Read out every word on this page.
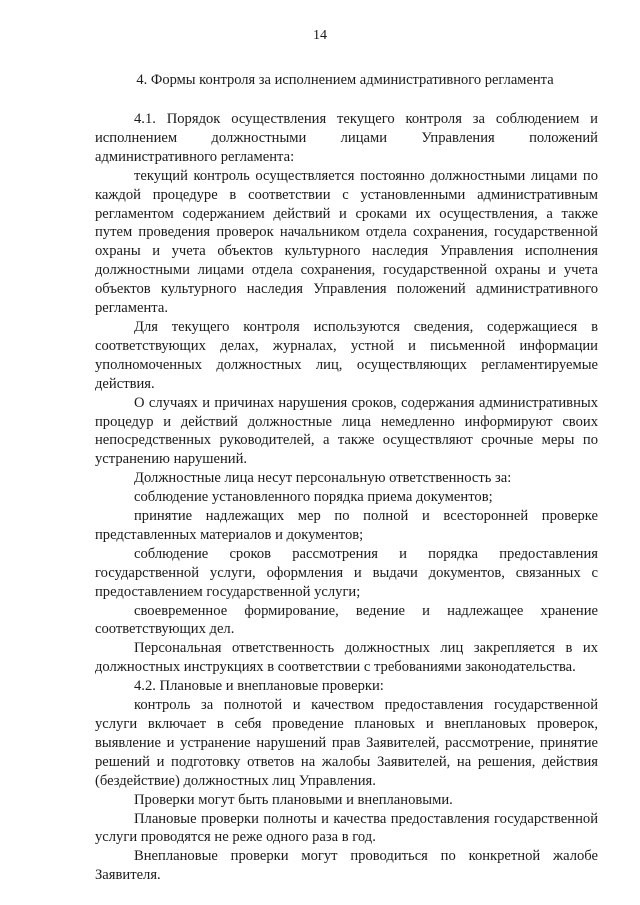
14
4. Формы контроля за исполнением административного регламента

4.1. Порядок осуществления текущего контроля за соблюдением и исполнением должностными лицами Управления положений административного регламента:

текущий контроль осуществляется постоянно должностными лицами по каждой процедуре в соответствии с установленными административным регламентом содержанием действий и сроками их осуществления, а также путем проведения проверок начальником отдела сохранения, государственной охраны и учета объектов культурного наследия Управления исполнения должностными лицами отдела сохранения, государственной охраны и учета объектов культурного наследия Управления положений административного регламента.

Для текущего контроля используются сведения, содержащиеся в соответствующих делах, журналах, устной и письменной информации уполномоченных должностных лиц, осуществляющих регламентируемые действия.

О случаях и причинах нарушения сроков, содержания административных процедур и действий должностные лица немедленно информируют своих непосредственных руководителей, а также осуществляют срочные меры по устранению нарушений.

Должностные лица несут персональную ответственность за:

соблюдение установленного порядка приема документов;

принятие надлежащих мер по полной и всесторонней проверке представленных материалов и документов;

соблюдение сроков рассмотрения и порядка предоставления государственной услуги, оформления и выдачи документов, связанных с предоставлением государственной услуги;

своевременное формирование, ведение и надлежащее хранение соответствующих дел.

Персональная ответственность должностных лиц закрепляется в их должностных инструкциях в соответствии с требованиями законодательства.

4.2. Плановые и внеплановые проверки:

контроль за полнотой и качеством предоставления государственной услуги включает в себя проведение плановых и внеплановых проверок, выявление и устранение нарушений прав Заявителей, рассмотрение, принятие решений и подготовку ответов на жалобы Заявителей, на решения, действия (бездействие) должностных лиц Управления.

Проверки могут быть плановыми и внеплановыми.

Плановые проверки полноты и качества предоставления государственной услуги проводятся не реже одного раза в год.

Внеплановые проверки могут проводиться по конкретной жалобе Заявителя.
